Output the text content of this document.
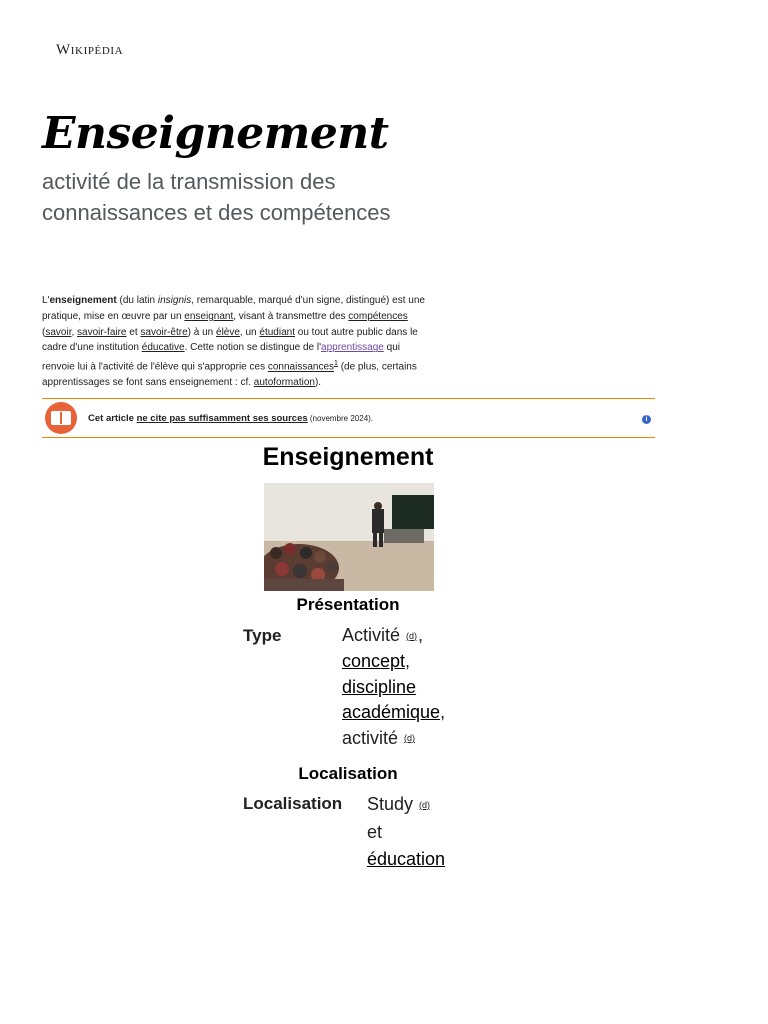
Wikipédia
Enseignement
activité de la transmission des connaissances et des compétences

L'enseignement (du latin insignis, remarquable, marqué d'un signe, distingué) est une pratique, mise en œuvre par un enseignant, visant à transmettre des compétences (savoir, savoir-faire et savoir-être) à un élève, un étudiant ou tout autre public dans le cadre d'une institution éducative. Cette notion se distingue de l'apprentissage qui renvoie lui à l'activité de l'élève qui s'approprie ces connaissances$^1$ (de plus, certains apprentissages se font sans enseignement : cf. autoformation).

Cet article ne cite pas suffisamment ses sources (novembre 2024).	i
Enseignement
Présentation
Type	Activité (d),
concept,
discipline
académique,
activité (d)
Localisation
Localisation Study (d)
et
éducation
